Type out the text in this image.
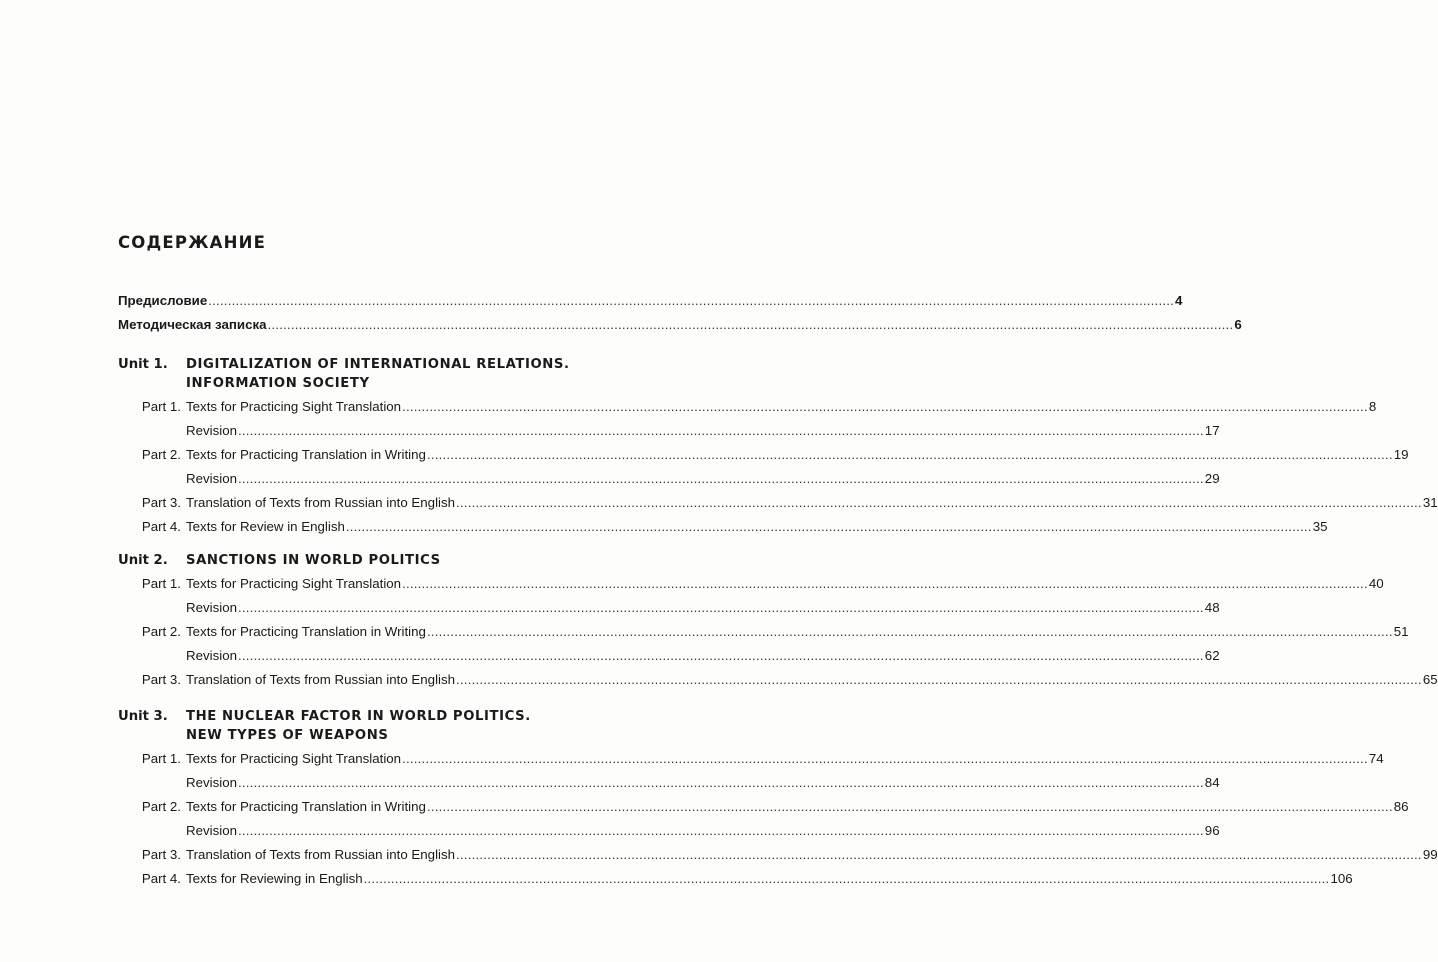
СОДЕРЖАНИЕ
Предисловие .....	4
Методическая записка .....	6
Unit 1.	DIGITALIZATION OF INTERNATIONAL RELATIONS.
INFORMATION SOCIETY
Part 1. Texts for Practicing Sight Translation .....	8
Revision .....	17
Part 2. Texts for Practicing Translation in Writing .....	19
Revision .....	29
Part 3. Translation of Texts from Russian into English .....	31
Part 4. Texts for Review in English .....	35
Unit 2.	SANCTIONS IN WORLD POLITICS
Part 1. Texts for Practicing Sight Translation .....	40
Revision .....	48
Part 2. Texts for Practicing Translation in Writing .....	51
Revision .....	62
Part 3. Translation of Texts from Russian into English .....	65
Unit 3.	THE NUCLEAR FACTOR IN WORLD POLITICS.
NEW TYPES OF WEAPONS
Part 1. Texts for Practicing Sight Translation .....	74
Revision .....	84
Part 2. Texts for Practicing Translation in Writing .....	86
Revision .....	96
Part 3. Translation of Texts from Russian into English .....	99
Part 4. Texts for Reviewing in English .....	106
